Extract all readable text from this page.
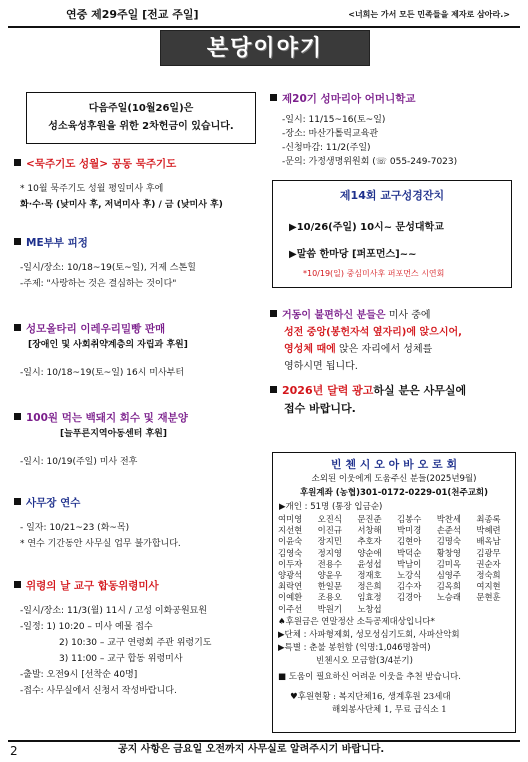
연중 제29주일 [전교 주일]	<너희는 가서 모든 민족들을 제자로 삼아라.>
본당이야기
다음주일(10월26일)은
성소육성후원을 위한 2차헌금이 있습니다.
<묵주기도 성월> 공동 묵주기도
* 10월 묵주기도 성월 평일미사 후에
화·수·목 (낮미사 후, 저녁미사 후) / 금 (낮미사 후)
ME부부 피정
-일시/장소: 10/18~19(토~일), 거제 스톤힐
-주제: "사랑하는 것은 결심하는 것이다"
성모올타리 이레우리밀빵 판매
[장애인 및 사회취약계층의 자립과 후원]
-일시: 10/18~19(토~일) 16시 미사부터
100원 먹는 백돼지 회수 및 재분양
[늘푸른지역아동센터 후원]
-일시: 10/19(주일) 미사 전후
사무장 연수
- 일자: 10/21~23 (화~목)
* 연수 기간동안 사무실 업무 불가합니다.
위령의 날 교구 합동위령미사
-일시/장소: 11/3(월) 11시 / 고성 이화공원묘원
-일정: 1) 10:20 – 미사 예물 접수
2) 10:30 – 교구 연령회 주관 위령기도
3) 11:00 – 교구 합동 위령미사
-출발: 오전9시 [선착순 40명]
-접수: 사무실에서 신청서 작성바랍니다.
제20기 성마리아 어머니학교
-일시: 11/15~16(토~일)
-장소: 마산가톨릭교육관
-신청마감: 11/2(주일)
-문의: 가정생명위원회 (☏ 055-249-7023)
제14회 교구성경잔치
▶10/26(주일) 10시~ 문성대학교
▶말씀 한마당 [퍼포먼스]~~
*10/19(일) 중심미사후 퍼포먼스 시연회
거동이 불편하신 분들은 미사 중에
성전 중앙(봉헌자석 옆자리)에 앉으시어,
영성체 때에 앉은 자리에서 성체를
영하시면 됩니다.
2026년 달력 광고하실 분은 사무실에
접수 바랍니다.
빈 첸 시 오 아 바 오 로 회
소외된 이웃에게 도움주신 분들(2025년9월)
후원계좌 (농협)301-0172-0229-01(천주교회)
▶개인 : 51명 (통장 입금순)
여미영	오진식	문진준	김봉수	박찬세	최종록
지선현	이진규	서창해	박미경	손준석	박혜련
이윤숙	장지민	추호자	김현아	김명숙	배옥남
김영숙	정지영	양순애	박덕순	황창영	김광무
이두자	전용수	윤성섭	박남이	김미옥	권순자
양광석	양윤우	정재호	노강식	심영주	정숙희
최락연	한일문	정은희	김수자	김옥희	여지현
이예환	조용오	임효정	김경아	노승래	문현훈
이주선	박원기	노창섭
♠후원금은 연말정산 소득공제대상입니다*
▶단체 : 사파형제회, 성모성심기도회, 사파산악회
▶특별 : 춘불 봉헌함 (익명:1,046명참여)
빈첸시오 모금함(3/4분기)
■ 도움이 필요하신 어려운 이웃을 추천 받습니다.
♥후원현황 : 복지단체16, 생계후원 23세대
해외봉사단체 1, 무료 급식소 1
2	공지 사항은 금요일 오전까지 사무실로 알려주시기 바랍니다.
